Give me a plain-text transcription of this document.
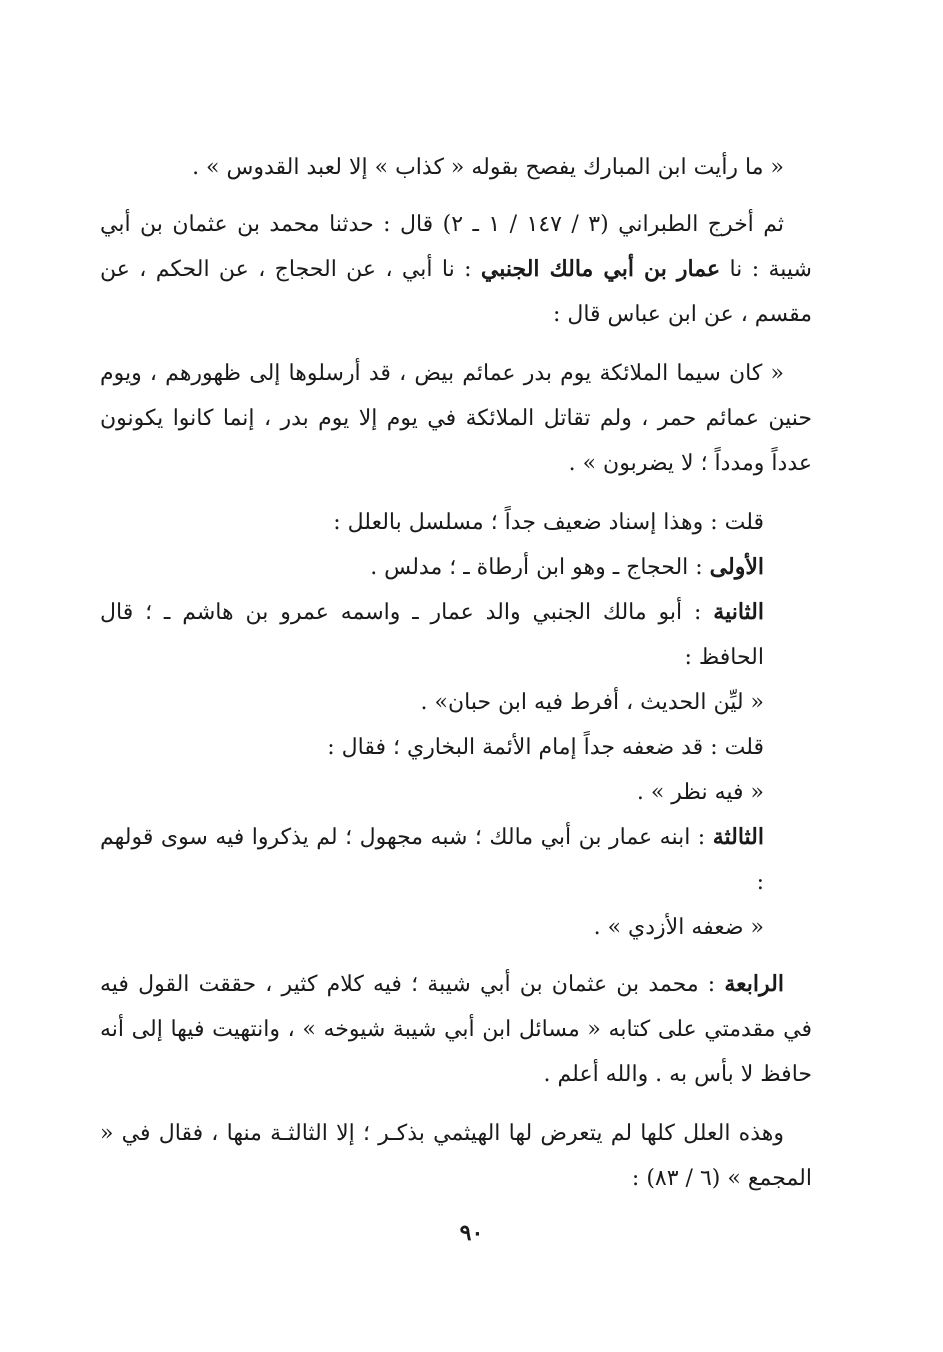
« ما رأيت ابن المبارك يفصح بقوله « كذاب » إلا لعبد القدوس » .

ثم أخرج الطبراني (٣ / ١٤٧ / ١ ـ ٢) قال : حدثنا محمد بن عثمان بن أبي شيبة : نا عمار بن أبي مالك الجنبي : نا أبي ، عن الحجاج ، عن الحكم ، عن مقسم ، عن ابن عباس قال :

« كان سيما الملائكة يوم بدر عمائم بيض ، قد أرسلوها إلى ظهورهم ، ويوم حنين عمائم حمر ، ولم تقاتل الملائكة في يوم إلا يوم بدر ، إنما كانوا يكونون عدداً ومدداً ؛ لا يضربون » .

قلت : وهذا إسناد ضعيف جداً ؛ مسلسل بالعلل :

الأولى : الحجاج ـ وهو ابن أرطاة ـ ؛ مدلس .

الثانية : أبو مالك الجنبي والد عمار ـ واسمه عمرو بن هاشم ـ ؛ قال الحافظ :

« ليِّن الحديث ، أفرط فيه ابن حبان» .

قلت : قد ضعفه جداً إمام الأئمة البخاري ؛ فقال :

« فيه نظر » .

الثالثة : ابنه عمار بن أبي مالك ؛ شبه مجهول ؛ لم يذكروا فيه سوى قولهم :

« ضعفه الأزدي » .

الرابعة : محمد بن عثمان بن أبي شيبة ؛ فيه كلام كثير ، حققت القول فيه في مقدمتي على كتابه « مسائل ابن أبي شيبة شيوخه » ، وانتهيت فيها إلى أنه حافظ لا بأس به . والله أعلم .

وهذه العلل كلها لم يتعرض لها الهيثمي بذكـر ؛ إلا الثالثـة منها ، فقال في « المجمع » (٦ / ٨٣) :

٩٠
